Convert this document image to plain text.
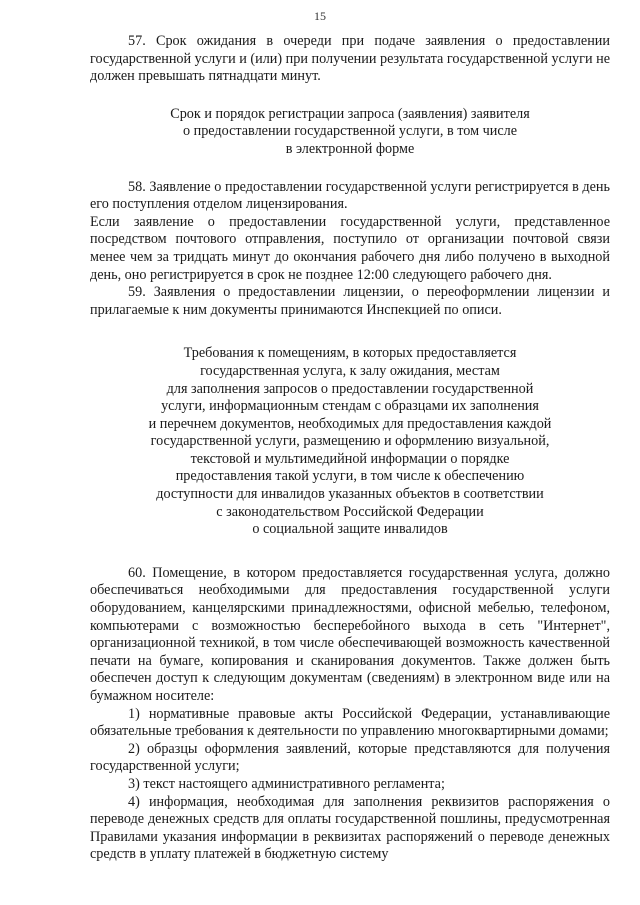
15

57. Срок ожидания в очереди при подаче заявления о предоставлении государственной услуги и (или) при получении результата государственной услуги не должен превышать пятнадцати минут.

Срок и порядок регистрации запроса (заявления) заявителя
о предоставлении государственной услуги, в том числе
в электронной форме

58. Заявление о предоставлении государственной услуги регистрируется в день его поступления отделом лицензирования.

Если заявление о предоставлении государственной услуги, представленное посредством почтового отправления, поступило от организации почтовой связи менее чем за тридцать минут до окончания рабочего дня либо получено в выходной день, оно регистрируется в срок не позднее 12:00 следующего рабочего дня.

59. Заявления о предоставлении лицензии, о переоформлении лицензии и прилагаемые к ним документы принимаются Инспекцией по описи.

Требования к помещениям, в которых предоставляется
государственная услуга, к залу ожидания, местам
для заполнения запросов о предоставлении государственной
услуги, информационным стендам с образцами их заполнения
и перечнем документов, необходимых для предоставления каждой
государственной услуги, размещению и оформлению визуальной,
текстовой и мультимедийной информации о порядке
предоставления такой услуги, в том числе к обеспечению
доступности для инвалидов указанных объектов в соответствии
с законодательством Российской Федерации
о социальной защите инвалидов

60. Помещение, в котором предоставляется государственная услуга, должно обеспечиваться необходимыми для предоставления государственной услуги оборудованием, канцелярскими принадлежностями, офисной мебелью, телефоном, компьютерами с возможностью бесперебойного выхода в сеть "Интернет", организационной техникой, в том числе обеспечивающей возможность качественной печати на бумаге, копирования и сканирования документов. Также должен быть обеспечен доступ к следующим документам (сведениям) в электронном виде или на бумажном носителе:

1) нормативные правовые акты Российской Федерации, устанавливающие обязательные требования к деятельности по управлению многоквартирными домами;

2) образцы оформления заявлений, которые представляются для получения государственной услуги;

3) текст настоящего административного регламента;

4) информация, необходимая для заполнения реквизитов распоряжения о переводе денежных средств для оплаты государственной пошлины, предусмотренная Правилами указания информации в реквизитах распоряжений о переводе денежных средств в уплату платежей в бюджетную систему
